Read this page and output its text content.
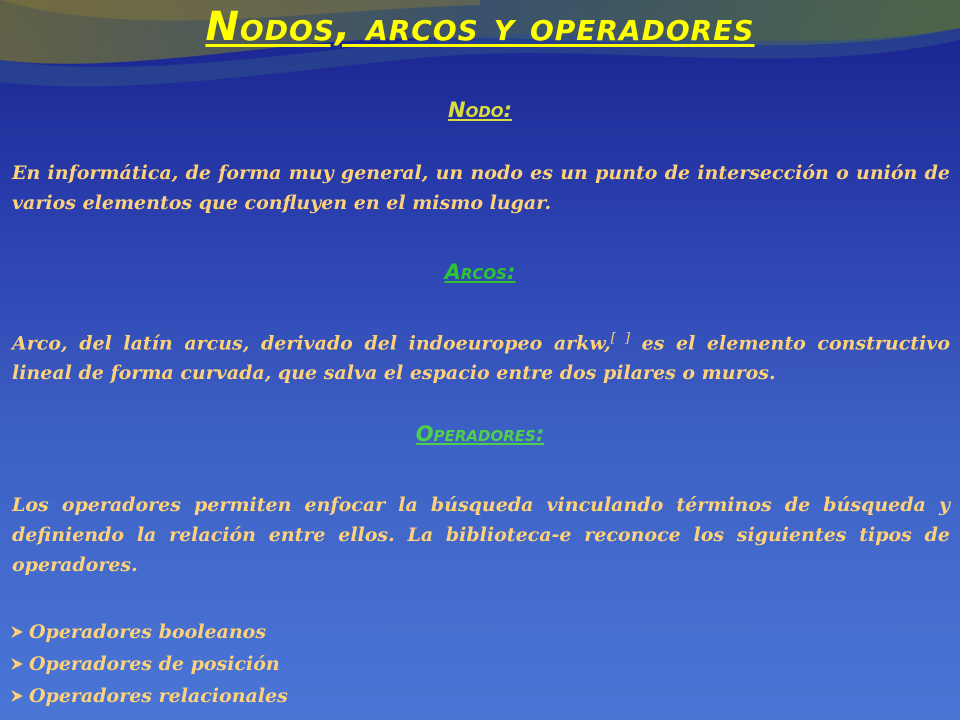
Nodos, arcos y operadores
Nodo:

En informática, de forma muy general, un nodo es un punto de intersección o unión de varios elementos que confluyen en el mismo lugar.

Arcos:

Arco, del latín arcus, derivado del indoeuropeo arkw,[ ] es el elemento constructivo lineal de forma curvada, que salva el espacio entre dos pilares o muros.

Operadores:

Los operadores permiten enfocar la búsqueda vinculando términos de búsqueda y definiendo la relación entre ellos. La biblioteca-e reconoce los siguientes tipos de operadores.

Operadores booleanos
Operadores de posición
Operadores relacionales
